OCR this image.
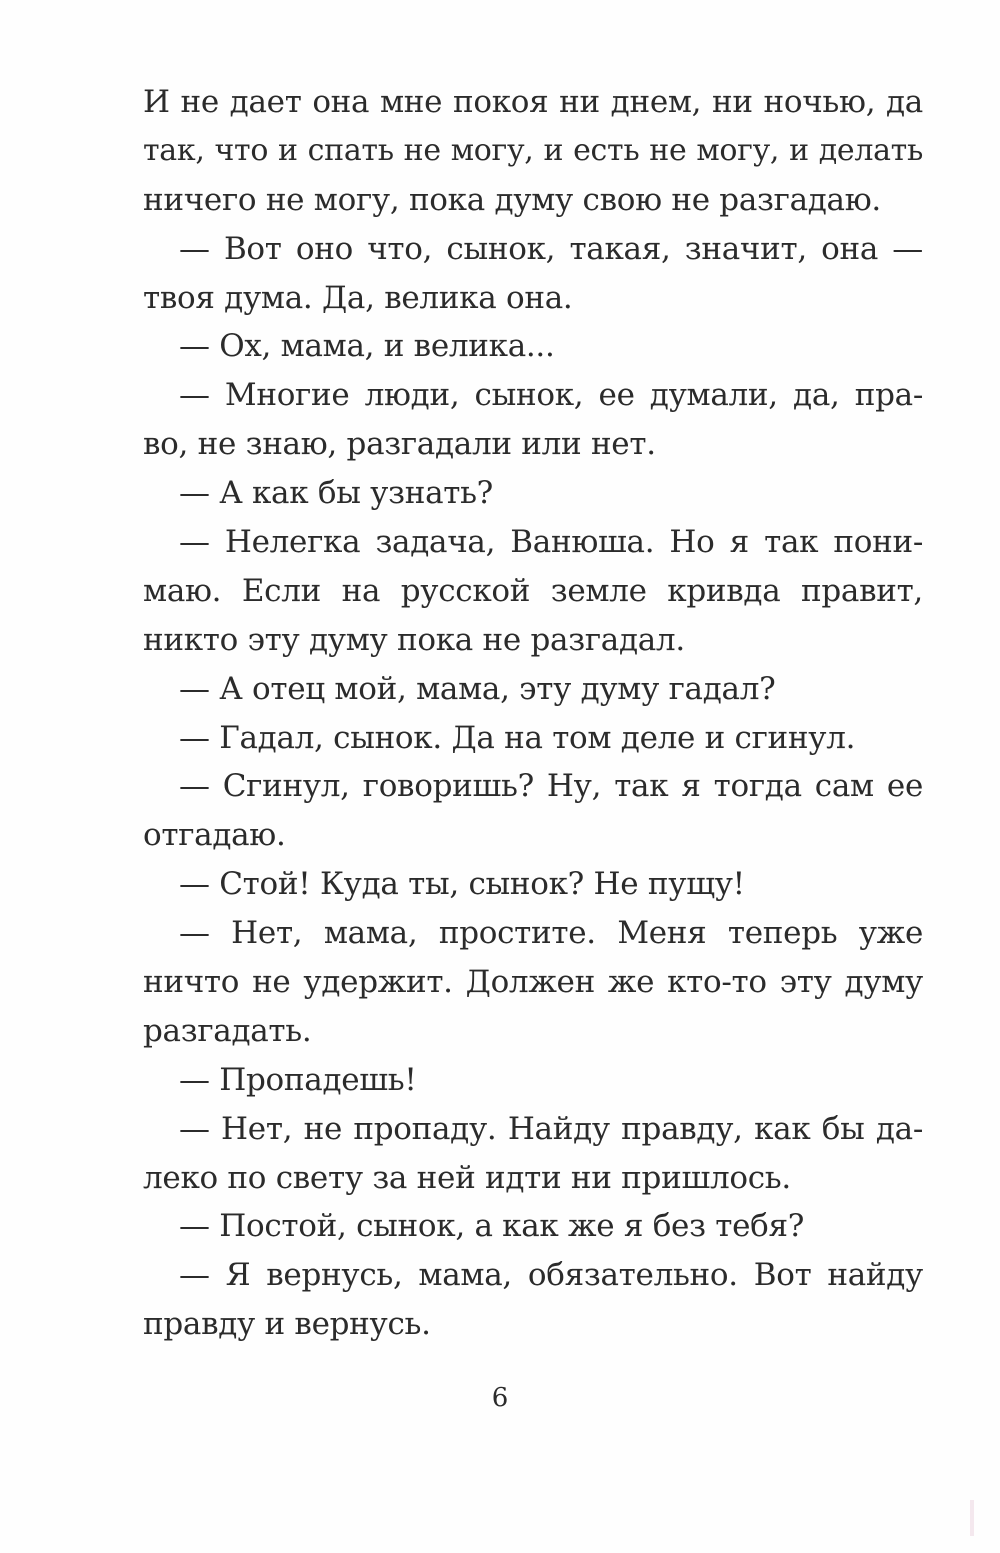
И не дает она мне покоя ни днем, ни ночью, да
так, что и спать не могу, и есть не могу, и делать
ничего не могу, пока думу свою не разгадаю.
— Вот оно что, сынок, такая, значит, она —
твоя дума. Да, велика она.
— Ох, мама, и велика...
— Многие люди, сынок, ее думали, да, пра-
во, не знаю, разгадали или нет.
— А как бы узнать?
— Нелегка задача, Ванюша. Но я так пони-
маю. Если на русской земле кривда правит,
никто эту думу пока не разгадал.
— А отец мой, мама, эту думу гадал?
— Гадал, сынок. Да на том деле и сгинул.
— Сгинул, говоришь? Ну, так я тогда сам ее
отгадаю.
— Стой! Куда ты, сынок? Не пущу!
— Нет, мама, простите. Меня теперь уже
ничто не удержит. Должен же кто-то эту думу
разгадать.
— Пропадешь!
— Нет, не пропаду. Найду правду, как бы да-
леко по свету за ней идти ни пришлось.
— Постой, сынок, а как же я без тебя?
— Я вернусь, мама, обязательно. Вот найду
правду и вернусь.
6
